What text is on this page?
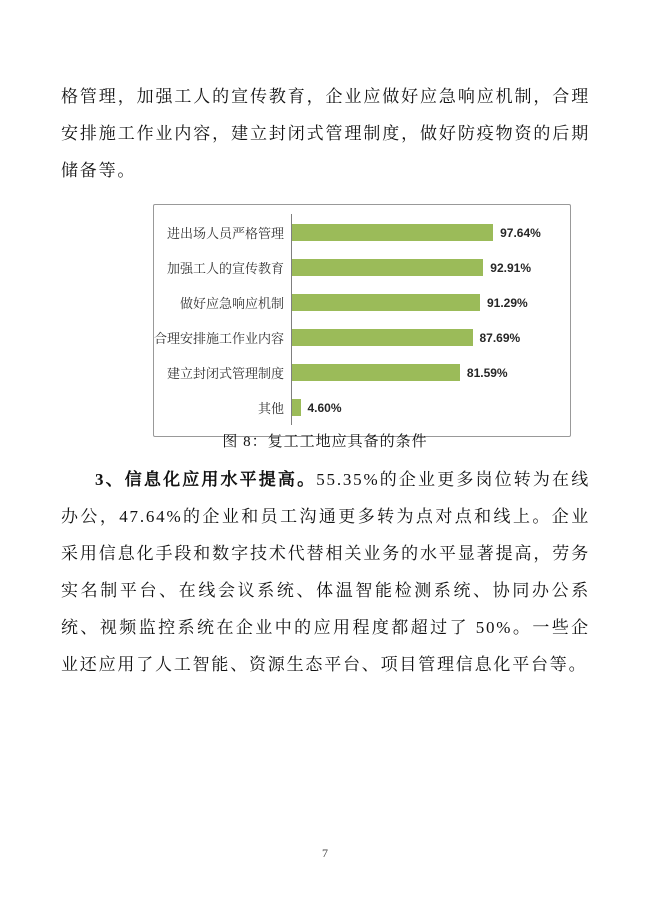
格管理，加强工人的宣传教育，企业应做好应急响应机制，合理安排施工作业内容，建立封闭式管理制度，做好防疫物资的后期储备等。

进出场人员严格管理	97.64%
加强工人的宣传教育	92.91%
做好应急响应机制	91.29%
合理安排施工作业内容	87.69%
建立封闭式管理制度	81.59%
其他	4.60%

图 8：复工工地应具备的条件

3、信息化应用水平提高。55.35%的企业更多岗位转为在线办公，47.64%的企业和员工沟通更多转为点对点和线上。企业采用信息化手段和数字技术代替相关业务的水平显著提高，劳务实名制平台、在线会议系统、体温智能检测系统、协同办公系统、视频监控系统在企业中的应用程度都超过了 50%。一些企业还应用了人工智能、资源生态平台、项目管理信息化平台等。

7
